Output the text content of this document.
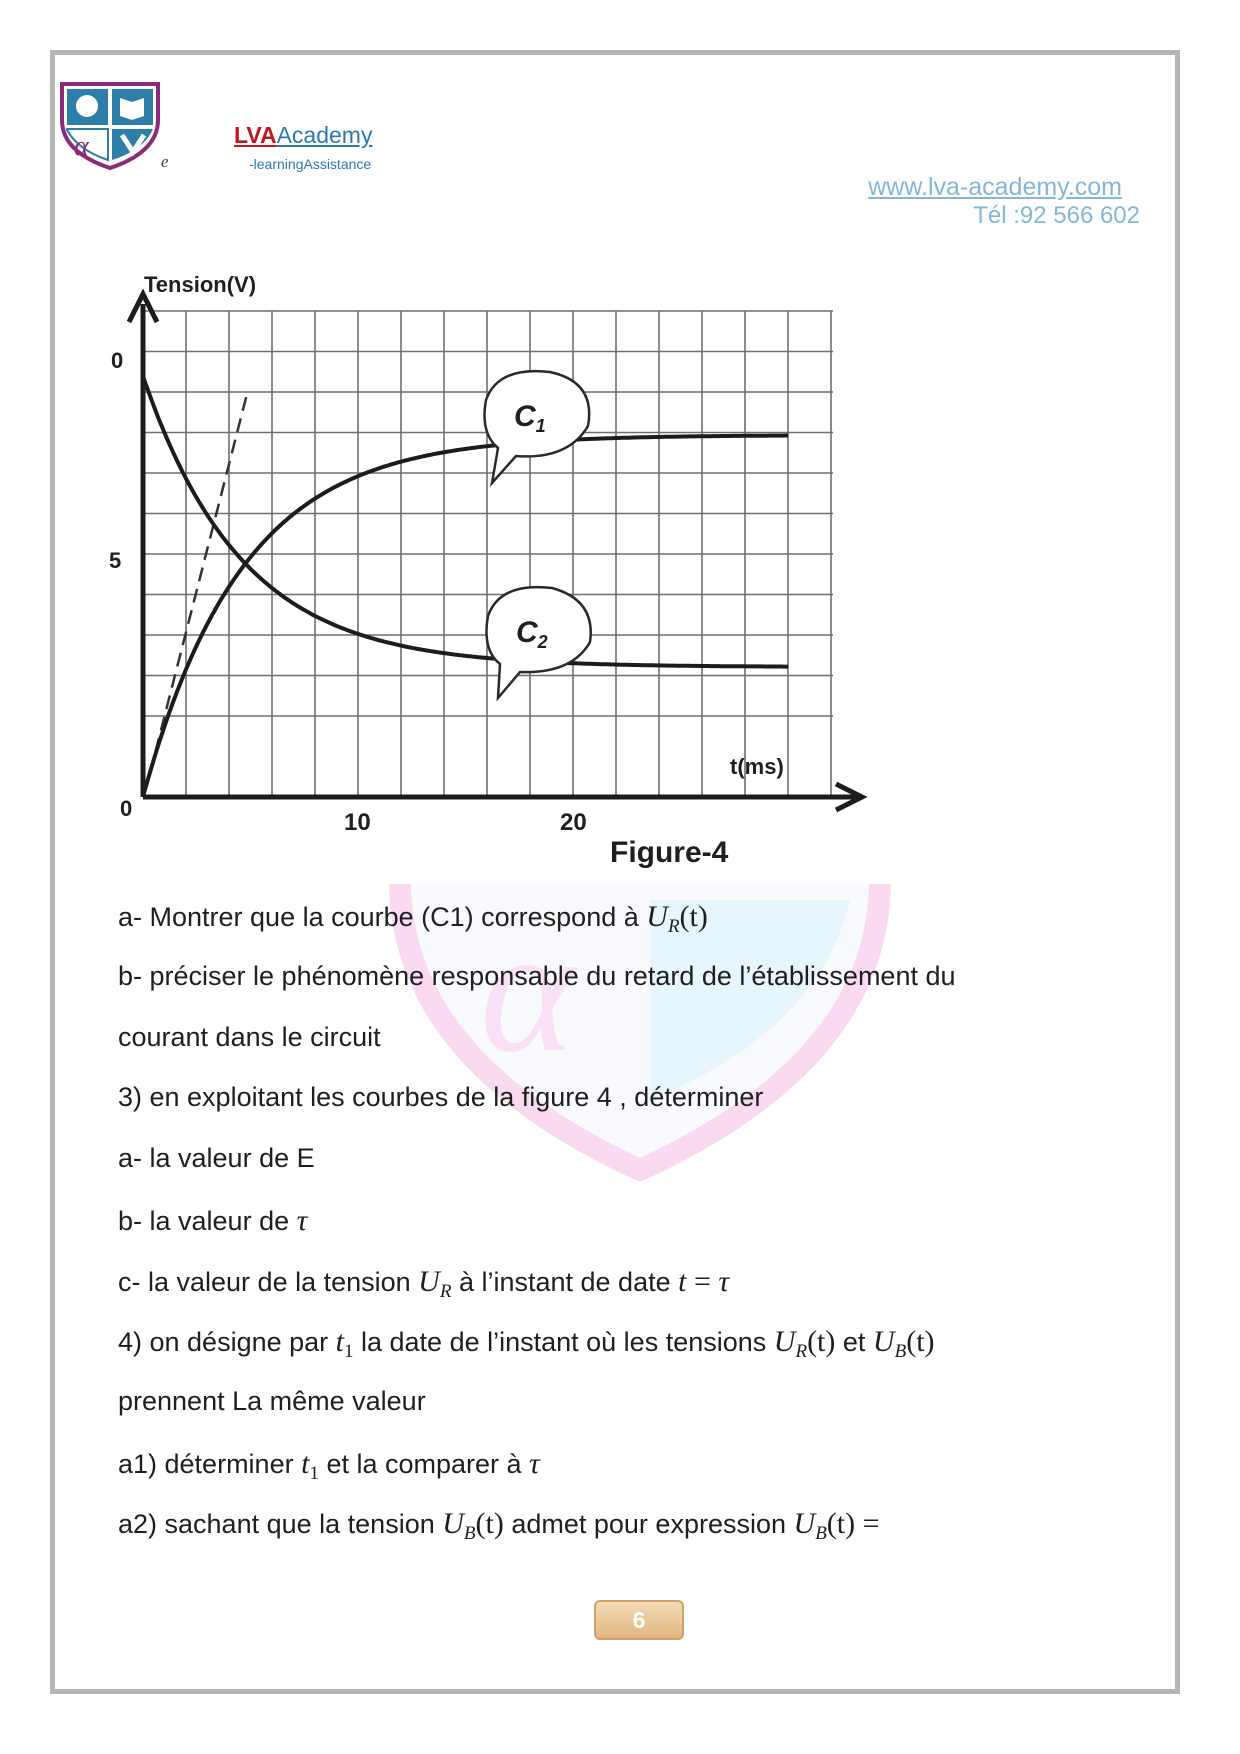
α	e
LVAAcademy
-learningAssistance
www.lva-academy.com
Tél :92 566 602
α
$C_1$
$C_2$
Tension(V)
t(ms)
0
5
0
10	20
Figure-4
a- Montrer que la courbe (C1) correspond à $U_R(t)$
b- préciser le phénomène responsable du retard de l’établissement du
courant dans le circuit
3) en exploitant les courbes de la figure 4 , déterminer
a- la valeur de E
b- la valeur de τ
c- la valeur de la tension $U_R$ à l’instant de date t = τ
4) on désigne par $t_1$ la date de l’instant où les tensions $U_R(t)$ et $U_B(t)$
prennent La même valeur
a1) déterminer $t_1$ et la comparer à τ
a2) sachant que la tension $U_B(t)$ admet pour expression $U_B(t)$ =
6
